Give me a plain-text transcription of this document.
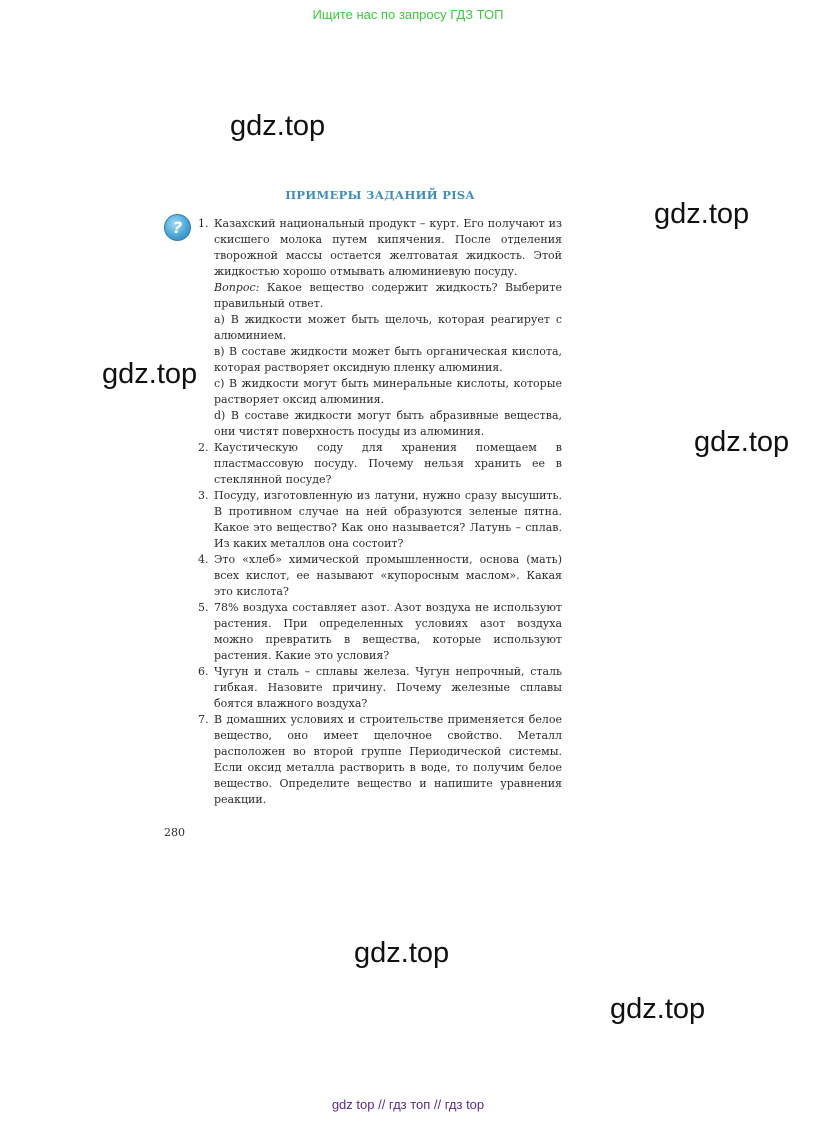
Ищите нас по запросу ГДЗ ТОП
gdz.top
gdz.top
gdz.top
gdz.top
gdz.top
gdz.top
ПРИМЕРЫ ЗАДАНИЙ PISA
?	1. Казахский национальный продукт – курт. Его получают из скисшего молока путем кипячения. После отделения творожной массы остается желтоватая жидкость. Этой жидкостью хорошо отмывать алюминиевую посуду.
Вопрос: Какое вещество содержит жидкость? Выберите правильный ответ.
а) В жидкости может быть щелочь, которая реагирует с алюминием.
в) В составе жидкости может быть органическая кислота, которая растворяет оксидную пленку алюминия.
с) В жидкости могут быть минеральные кислоты, которые растворяет оксид алюминия.
d) В составе жидкости могут быть абразивные вещества, они чистят поверхность посуды из алюминия.
2. Каустическую соду для хранения помещаем в пластмассовую посуду. Почему нельзя хранить ее в стеклянной посуде?
3. Посуду, изготовленную из латуни, нужно сразу высушить. В противном случае на ней образуются зеленые пятна. Какое это вещество? Как оно называется? Латунь – сплав. Из каких металлов она состоит?
4. Это «хлеб» химической промышленности, основа (мать) всех кислот, ее называют «купоросным маслом». Какая это кислота?
5. 78% воздуха составляет азот. Азот воздуха не используют растения. При определенных условиях азот воздуха можно превратить в вещества, которые используют растения. Какие это условия?
6. Чугун и сталь – сплавы железа. Чугун непрочный, сталь гибкая. Назовите причину. Почему железные сплавы боятся влажного воздуха?
7. В домашних условиях и строительстве применяется белое вещество, оно имеет щелочное свойство. Металл расположен во второй группе Периодической системы. Если оксид металла растворить в воде, то получим белое вещество. Определите вещество и напишите уравнения реакции.
280
gdz top // гдз топ // гдз top
